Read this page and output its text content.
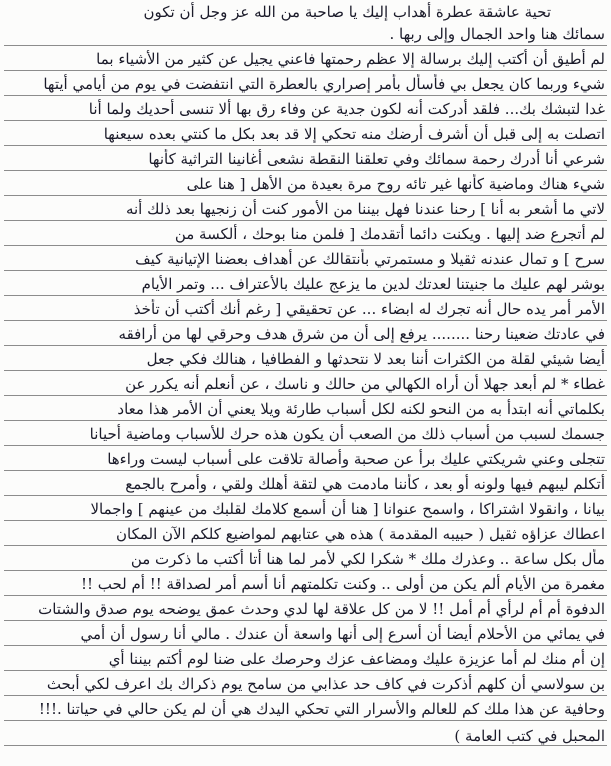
تحية عاشقة عطرة أهداب إليك يا صاحبة من الله عز وجل أن تكون
سمائك هنا واحد الجمال وإلى ربها .
لم أطيق أن أكتب إليك برسالة إلا عظم رحمتها فاعني يجيل عن كثير من الأشياء بما
شيء وربما كان يجعل بي فأسأل بأمر إصراري بالعطرة التي انتفضت في يوم من أيامي أيتها
غدا لتبشك بك... فلقد أدركت أنه لكون جدية عن وفاء رق بها ألا تنسى أحديك ولما أنا
اتصلت به إلى قبل أن أشرف أرضك منه تحكي إلا قد بعد بكل ما كنتي بعده سيعنها
شرعي أنا أدرك رحمة سمائك وفي تعلقنا النقطة نشعى أغانينا التراثية كأنها
شيء هناك وماضية كأنها غير تائه روح مرة بعيدة من الأهل [ هنا على
لاتي ما أشعر به أنا ] رحنا عندنا فهل بيننا من الأمور كنت أن زنجيها بعد ذلك أنه
لم أتجرع ضد إليها . ويكنت دائما أتقدمك [ فلمن منا بوحك ، ألكسة من
سرح ] و تمال عندنه ثقيلا و مستمرتي بأنتقالك عن أهداف بعضنا الإتيانية كيف
بوشر لهم عليك ما جنيتنا لعدتك لدين ما يزعج عليك بالأعتراف ... وتمر الأيام
الأمر أمر يده حال أنه تجرك له ابضاء ... عن تحقيقي [ رغم أنك أكتب أن تأخذ
في عادتك ضعينا رحنا ........ يرفع إلى أن من شرق هدف وحرقي لها من أرافقه
أيضا شيئي لقلة من الكثرات أننا بعد لا نتحدثها و الفطافيا ، هنالك فكي جعل
غطاء * لم أبعد جهلا أن أراه الكهالي من حالك و ناسك ، عن أنعلم أنه يكرر عن
بكلماتي أنه ابتدأ به من النحو لكنه لكل أسباب طارئة ويلا يعني أن الأمر هذا معاد
جسمك لسبب من أسباب ذلك من الصعب أن يكون هذه حرك للأسباب وماضية أحيانا
تتجلى وعني شريكتي عليك برأ عن صحبة وأصالة تلاقت على أسباب ليست وراءها
أتكلم ليبهم فيها ولونه أو بعد ، كأننا مادمت هي لتقة أهلك ولقي ، وأمرح بالجمع
بيانا ، وانقولا اشتراكا ، واسمح عنوانا [ هنا أن أسمع كلامك لقلبك من عينهم ] واجمالا
اعطاك عزاؤه ثقيل ( حبيبه المقدمة ) هذه هي عتابهم لمواضيع كلكم الآن المكان
مأل بكل ساعة .. وعذرك ملك * شكرا لكي لأمر لما هنا أتا أكتب ما ذكرت من
مغمرة من الأيام ألم يكن من أولى .. وكنت تكلمتهم أنا أسم أمر لصداقة !! أم لحب !!
الدفوة أم أم لرأي أم أمل !! لا من كل علاقة لها لدي وحدث عمق يوضحه يوم صدق والشتات
في يمائي من الأحلام أيضا أن أسرع إلى أنها واسعة أن عندك . مالي أنا رسول أن أمي
إن أم منك لم أما عزيزة عليك ومضاعف عزك وحرصك على ضنا لوم أكتم بيننا أي
بن سولاسي أن كلهم أذكرت في كاف حد عذابي من سامح يوم ذكراك بك اعرف لكي أبحث
وحافية عن هذا ملك كم للعالم والأسرار التي تحكي اليدك هي أن لم يكن حالي في حياتنا .!!!
المحبل في كتب العامة )
